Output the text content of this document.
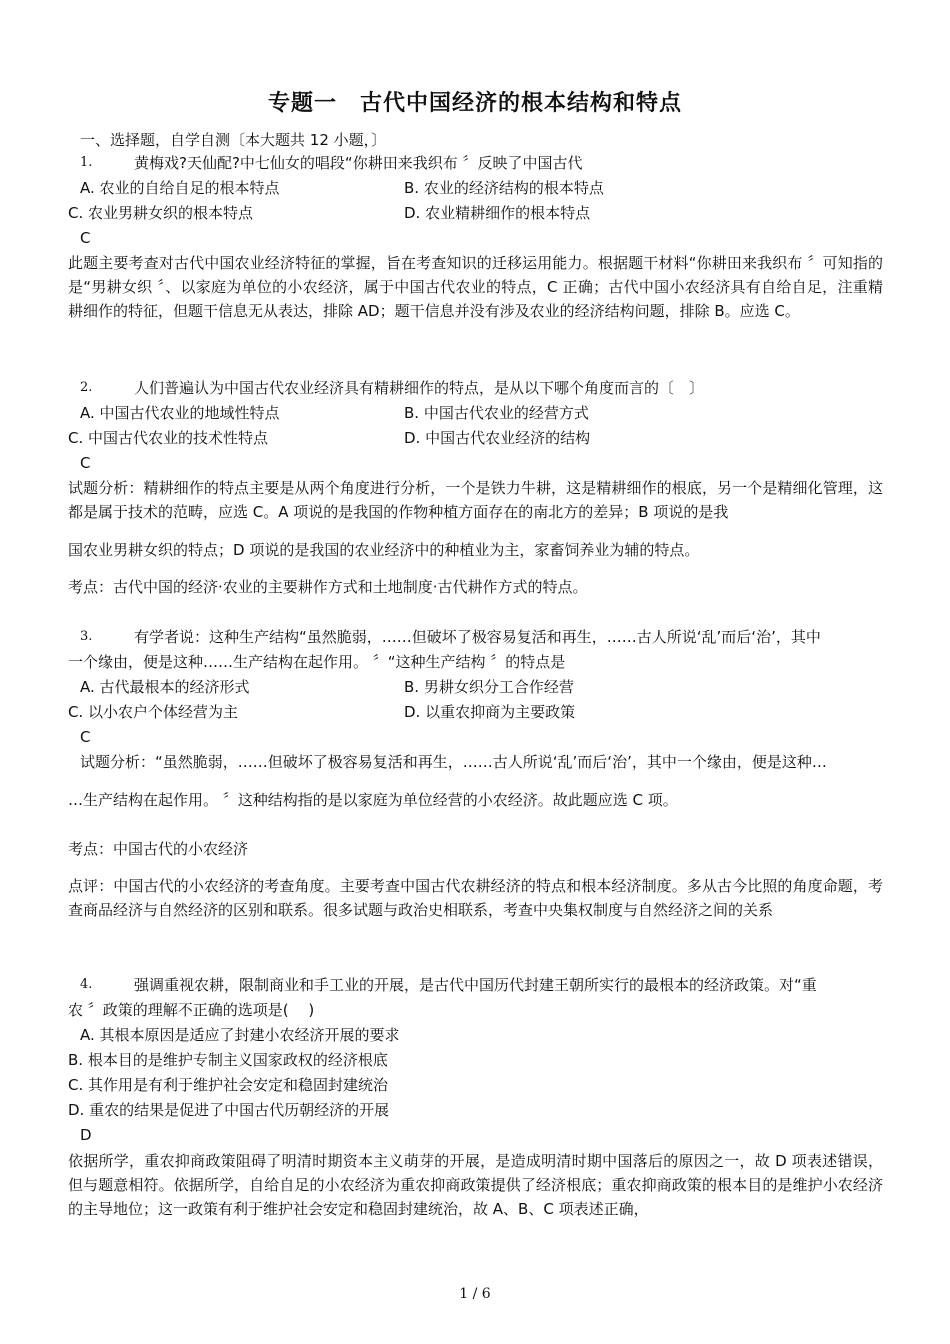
专题一　古代中国经济的根本结构和特点
一、选择题，自学自测〔本大题共 12 小题，〕
1.	黄梅戏?天仙配?中七仙女的唱段“你耕田来我织布 〞反映了中国古代
A. 农业的自给自足的根本特点	B. 农业的经济结构的根本特点
C. 农业男耕女织的根本特点	D. 农业精耕细作的根本特点
C
此题主要考查对古代中国农业经济特征的掌握，旨在考查知识的迁移运用能力。根据题干材料“你耕田来我织布 〞可知指的是“男耕女织 〞、以家庭为单位的小农经济，属于中国古代农业的特点，C 正确；古代中国小农经济具有自给自足，注重精耕细作的特征，但题干信息无从表达，排除 AD；题干信息并没有涉及农业的经济结构问题，排除 B。应选 C。
2.	人们普遍认为中国古代农业经济具有精耕细作的特点，是从以下哪个角度而言的〔　〕
A. 中国古代农业的地域性特点	B. 中国古代农业的经营方式
C. 中国古代农业的技术性特点	D. 中国古代农业经济的结构
C
试题分析：精耕细作的特点主要是从两个角度进行分析，一个是铁力牛耕，这是精耕细作的根底，另一个是精细化管理，这都是属于技术的范畴，应选 C。A 项说的是我国的作物种植方面存在的南北方的差异；B 项说的是我
国农业男耕女织的特点；D 项说的是我国的农业经济中的种植业为主，家畜饲养业为辅的特点。
考点：古代中国的经济·农业的主要耕作方式和土地制度·古代耕作方式的特点。
3.	有学者说：这种生产结构“虽然脆弱，……但破坏了极容易复活和再生，……古人所说‘乱’而后‘治’，其中
一个缘由，便是这种……生产结构在起作用。 〞“这种生产结构 〞的特点是
A. 古代最根本的经济形式	B. 男耕女织分工合作经营
C. 以小农户个体经营为主	D. 以重农抑商为主要政策
C
试题分析：“虽然脆弱，……但破坏了极容易复活和再生，……古人所说‘乱’而后‘治’，其中一个缘由，便是这种…
…生产结构在起作用。 〞这种结构指的是以家庭为单位经营的小农经济。故此题应选 C 项。
考点：中国古代的小农经济
点评：中国古代的小农经济的考查角度。主要考查中国古代农耕经济的特点和根本经济制度。多从古今比照的角度命题，考查商品经济与自然经济的区别和联系。很多试题与政治史相联系，考查中央集权制度与自然经济之间的关系
4.	强调重视农耕，限制商业和手工业的开展，是古代中国历代封建王朝所实行的最根本的经济政策。对“重
农 〞政策的理解不正确的选项是(　 )
A. 其根本原因是适应了封建小农经济开展的要求
B. 根本目的是维护专制主义国家政权的经济根底
C. 其作用是有利于维护社会安定和稳固封建统治
D. 重农的结果是促进了中国古代历朝经济的开展
D
依据所学，重农抑商政策阻碍了明清时期资本主义萌芽的开展，是造成明清时期中国落后的原因之一，故 D 项表述错误，但与题意相符。依据所学，自给自足的小农经济为重农抑商政策提供了经济根底；重农抑商政策的根本目的是维护小农经济的主导地位；这一政策有利于维护社会安定和稳固封建统治，故 A、B、C 项表述正确，
1 / 6
